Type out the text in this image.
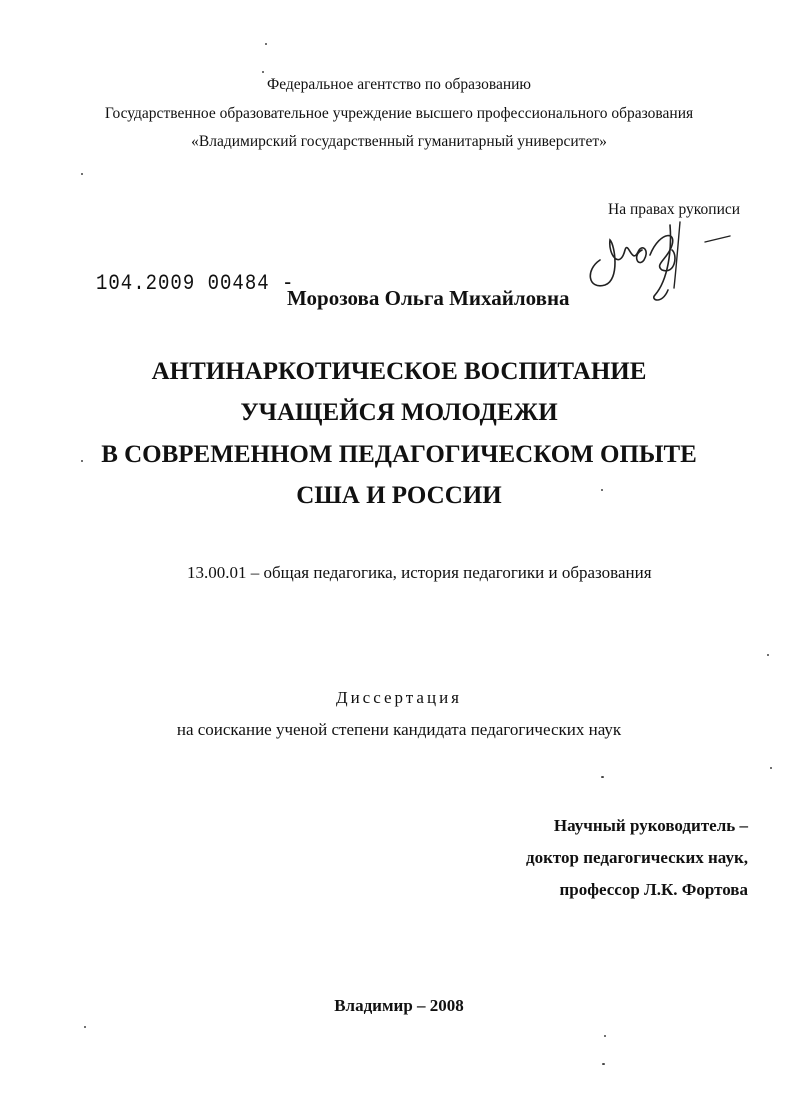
Федеральное агентство по образованию
Государственное образовательное учреждение высшего профессионального образования
«Владимирский государственный гуманитарный университет»
На правах рукописи
104.2009 00484 -
Морозова Ольга Михайловна
АНТИНАРКОТИЧЕСКОЕ ВОСПИТАНИЕ
УЧАЩЕЙСЯ МОЛОДЕЖИ
В СОВРЕМЕННОМ ПЕДАГОГИЧЕСКОМ ОПЫТЕ
США И РОССИИ
13.00.01 – общая педагогика, история педагогики и образования
Диссертация
на соискание ученой степени кандидата педагогических наук
Научный руководитель –
доктор педагогических наук,
профессор Л.К. Фортова
Владимир – 2008
